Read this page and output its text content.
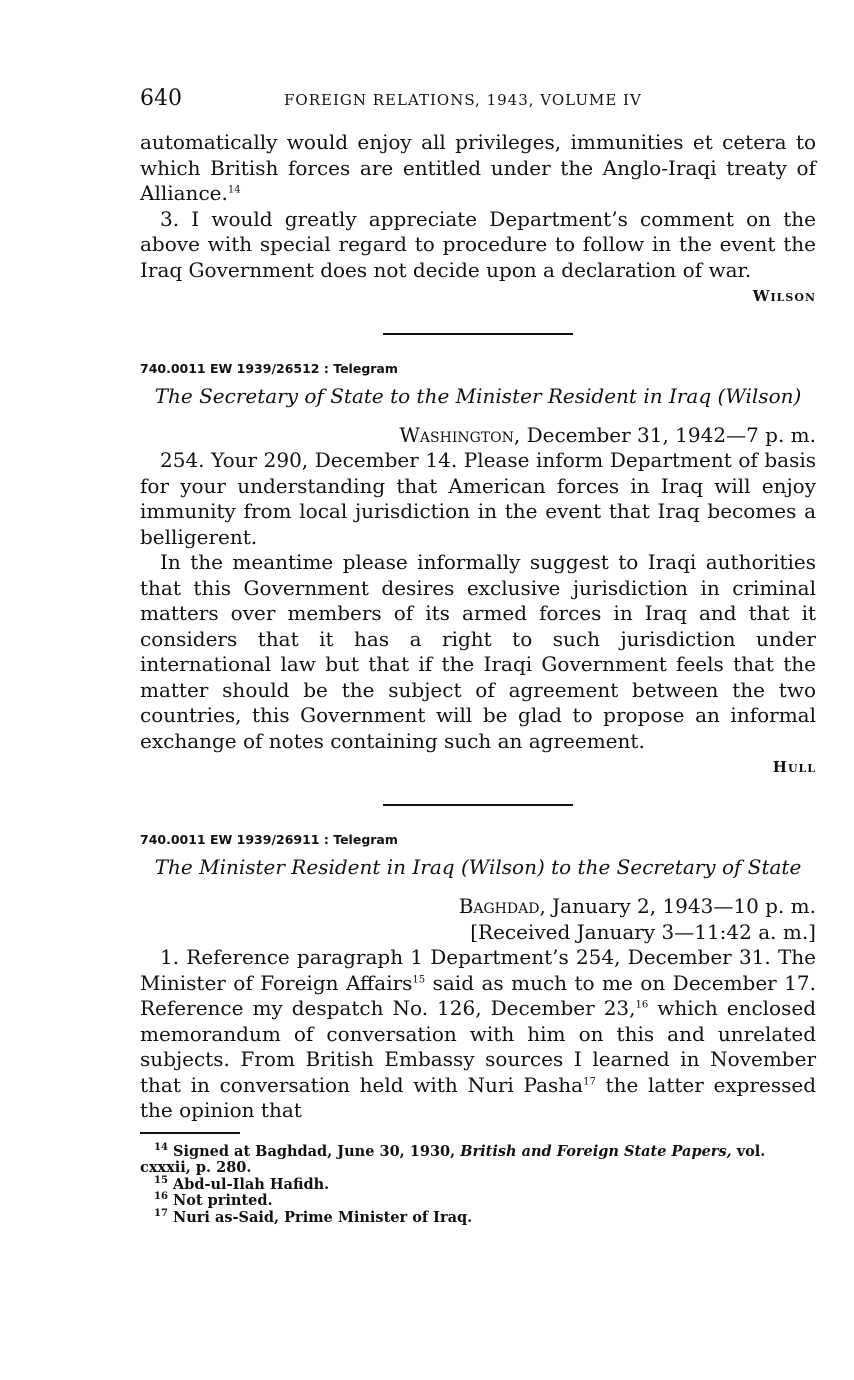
640	FOREIGN RELATIONS, 1943, VOLUME IV

automatically would enjoy all privileges, immunities et cetera to which British forces are entitled under the Anglo-Iraqi treaty of Alliance.$^{14}$

3. I would greatly appreciate Department’s comment on the above with special regard to procedure to follow in the event the Iraq Government does not decide upon a declaration of war.

Wilson
740.0011 EW 1939/26512 : Telegram
The Secretary of State to the Minister Resident in Iraq (Wilson)
Washington, December 31, 1942—7 p. m.

254. Your 290, December 14. Please inform Department of basis for your understanding that American forces in Iraq will enjoy immunity from local jurisdiction in the event that Iraq becomes a belligerent.

In the meantime please informally suggest to Iraqi authorities that this Government desires exclusive jurisdiction in criminal matters over members of its armed forces in Iraq and that it considers that it has a right to such jurisdiction under international law but that if the Iraqi Government feels that the matter should be the subject of agreement between the two countries, this Government will be glad to propose an informal exchange of notes containing such an agreement.

Hull
740.0011 EW 1939/26911 : Telegram
The Minister Resident in Iraq (Wilson) to the Secretary of State
Baghdad, January 2, 1943—10 p. m.
[Received January 3—11:42 a. m.]

1. Reference paragraph 1 Department’s 254, December 31. The Minister of Foreign Affairs$^{15}$ said as much to me on December 17. Reference my despatch No. 126, December 23,16 which enclosed memorandum of conversation with him on this and unrelated subjects. From British Embassy sources I learned in November that in conversation held with Nuri Pasha$^{17}$ the latter expressed the opinion that

$^{14}$ Signed at Baghdad, June 30, 1930, British and Foreign State Papers, vol. cxxxii, p. 280.
$^{15}$ Abd-ul-Ilah Hafidh.
$^{16}$ Not printed.
$^{17}$ Nuri as-Said, Prime Minister of Iraq.
